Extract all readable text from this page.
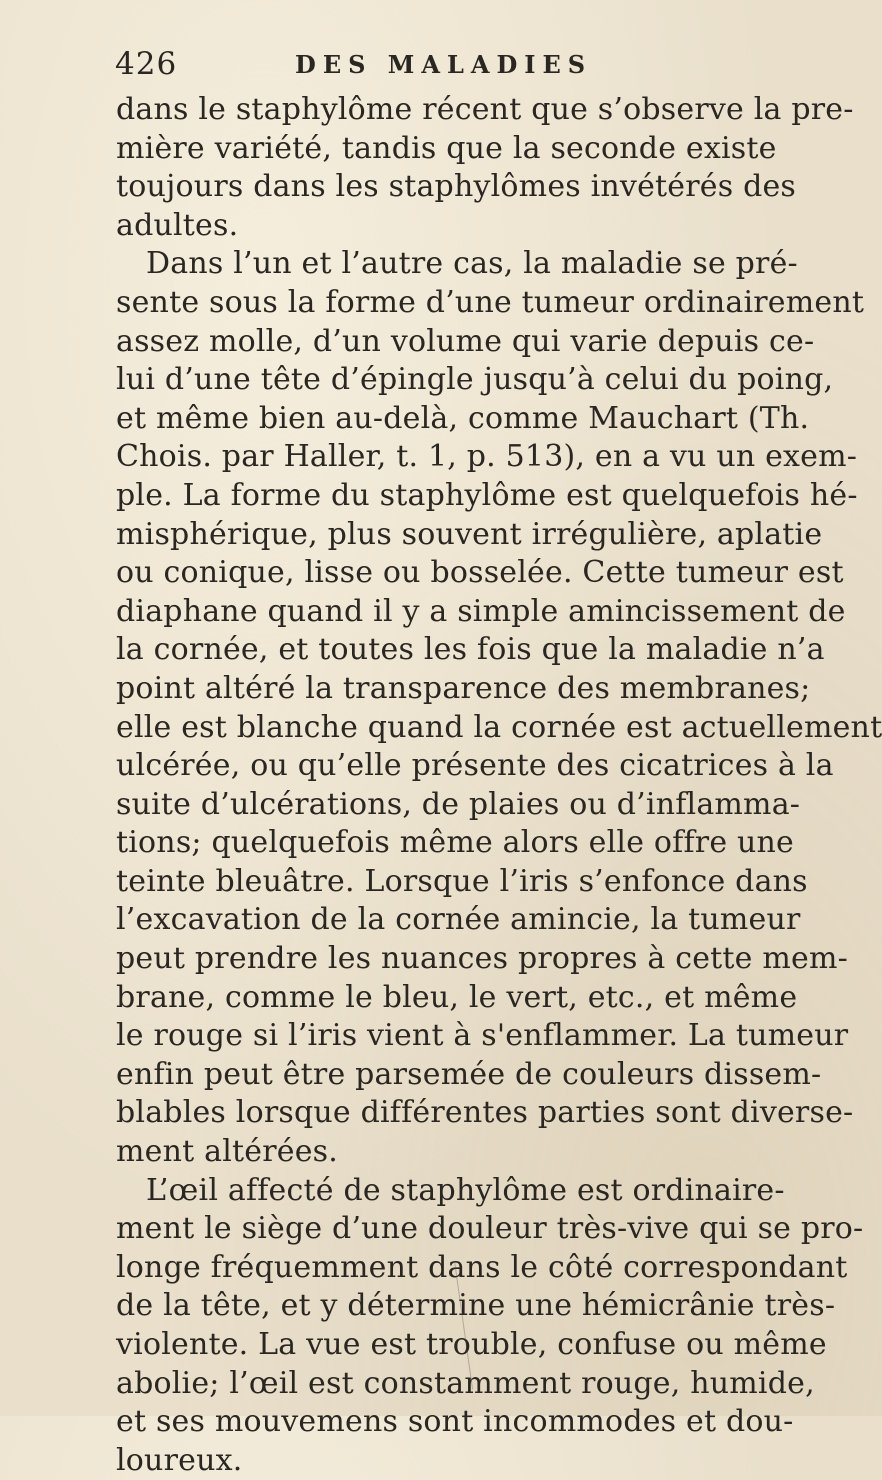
426	DES MALADIES
dans le staphylôme récent que s’observe la pre-
mière variété, tandis que la seconde existe
toujours dans les staphylômes invétérés des
adultes.
Dans l’un et l’autre cas, la maladie se pré-
sente sous la forme d’une tumeur ordinairement
assez molle, d’un volume qui varie depuis ce-
lui d’une tête d’épingle jusqu’à celui du poing,
et même bien au-delà, comme Mauchart (Th.
Chois. par Haller, t. 1, p. 513), en a vu un exem-
ple. La forme du staphylôme est quelquefois hé-
misphérique, plus souvent irrégulière, aplatie
ou conique, lisse ou bosselée. Cette tumeur est
diaphane quand il y a simple amincissement de
la cornée, et toutes les fois que la maladie n’a
point altéré la transparence des membranes;
elle est blanche quand la cornée est actuellement
ulcérée, ou qu’elle présente des cicatrices à la
suite d’ulcérations, de plaies ou d’inflamma-
tions; quelquefois même alors elle offre une
teinte bleuâtre. Lorsque l’iris s’enfonce dans
l’excavation de la cornée amincie, la tumeur
peut prendre les nuances propres à cette mem-
brane, comme le bleu, le vert, etc., et même
le rouge si l’iris vient à s'enflammer. La tumeur
enfin peut être parsemée de couleurs dissem-
blables lorsque différentes parties sont diverse-
ment altérées.
L’œil affecté de staphylôme est ordinaire-
ment le siège d’une douleur très-vive qui se pro-
longe fréquemment dans le côté correspondant
de la tête, et y détermine une hémicrânie très-
violente. La vue est trouble, confuse ou même
abolie; l’œil est constamment rouge, humide,
et ses mouvemens sont incommodes et dou-
loureux.
